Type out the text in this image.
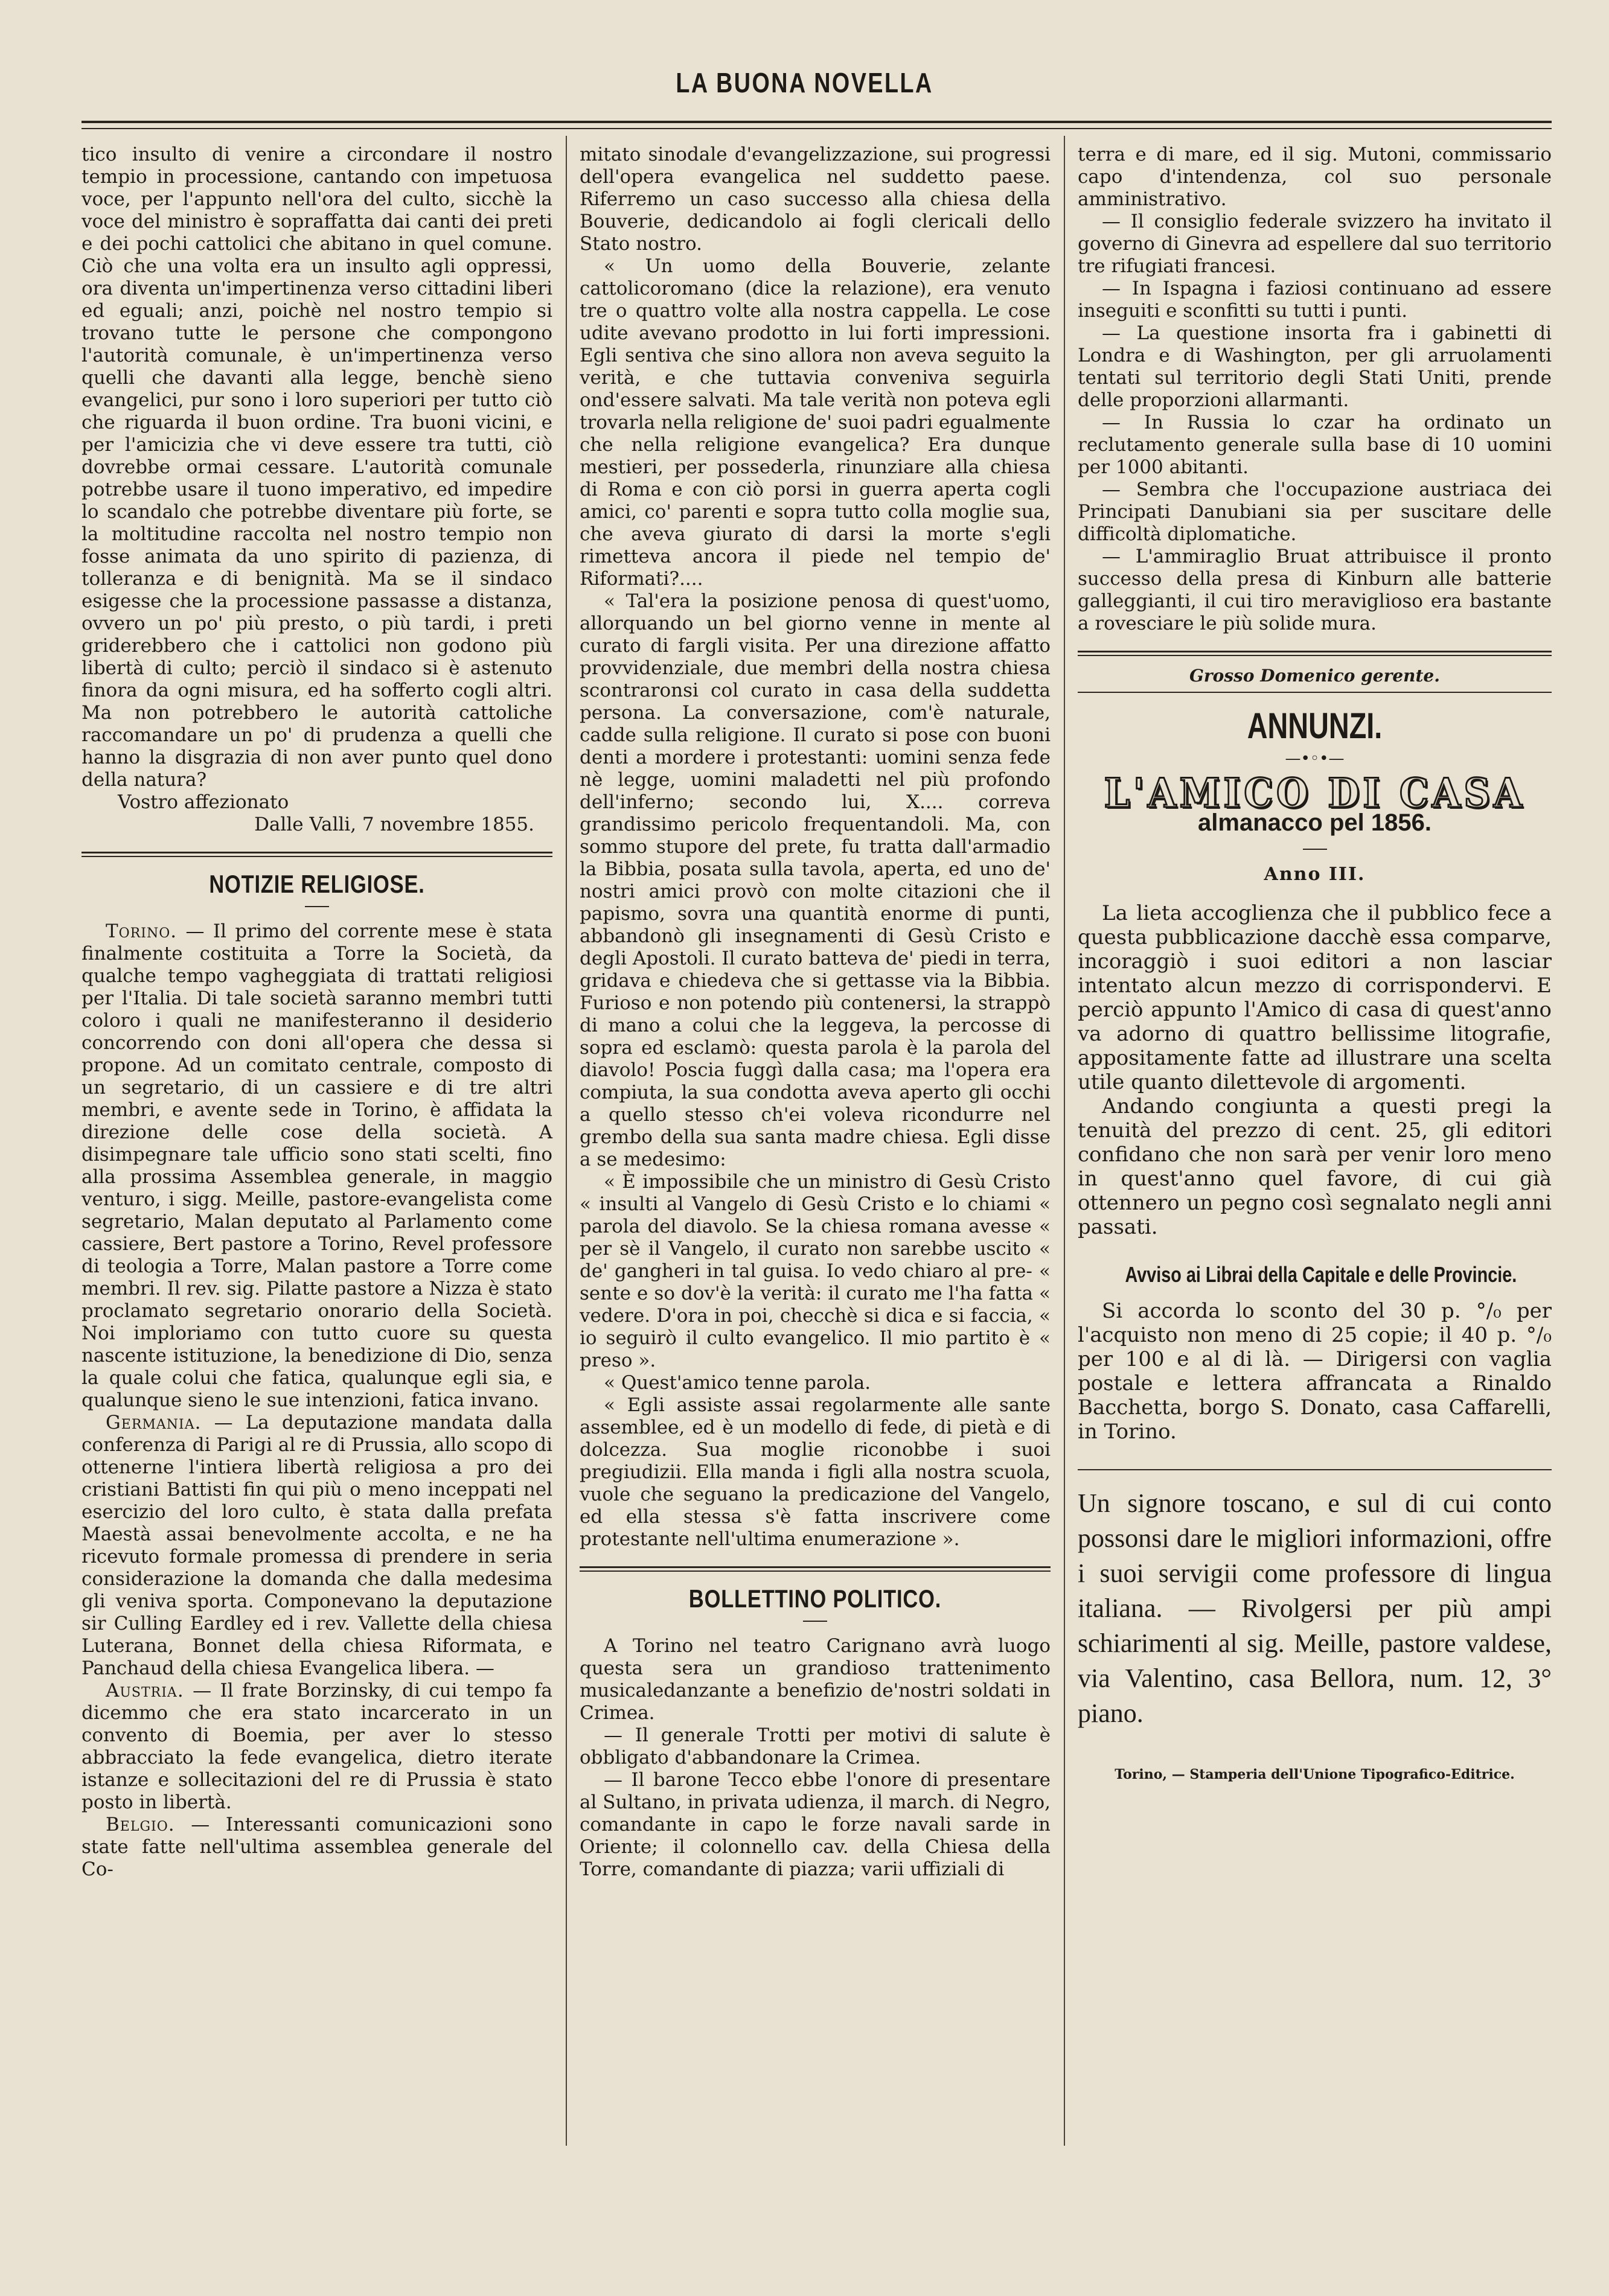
LA BUONA NOVELLA

tico insulto di venire a circondare il nostro tempio in processione, cantando con impetuosa voce, per l'appunto nell'ora del culto, sicchè la voce del ministro è sopraffatta dai canti dei preti e dei pochi cattolici che abitano in quel comune. Ciò che una volta era un insulto agli oppressi, ora diventa un'impertinenza verso cittadini liberi ed eguali; anzi, poichè nel nostro tempio si trovano tutte le persone che compongono l'autorità comunale, è un'impertinenza verso quelli che davanti alla legge, benchè sieno evangelici, pur sono i loro superiori per tutto ciò che riguarda il buon ordine. Tra buoni vicini, e per l'amicizia che vi deve essere tra tutti, ciò dovrebbe ormai cessare. L'autorità comunale potrebbe usare il tuono imperativo, ed impedire lo scandalo che potrebbe diventare più forte, se la moltitudine raccolta nel nostro tempio non fosse animata da uno spirito di pazienza, di tolleranza e di benignità. Ma se il sindaco esigesse che la processione passasse a distanza, ovvero un po' più presto, o più tardi, i preti griderebbero che i cattolici non godono più libertà di culto; perciò il sindaco si è astenuto finora da ogni misura, ed ha sofferto cogli altri. Ma non potrebbero le autorità cattoliche raccomandare un po' di prudenza a quelli che hanno la disgrazia di non aver punto quel dono della natura?

Vostro affezionato

Dalle Valli, 7 novembre 1855.

NOTIZIE RELIGIOSE.

Torino. — Il primo del corrente mese è stata finalmente costituita a Torre la Società, da qualche tempo vagheggiata di trattati religiosi per l'Italia. Di tale società saranno membri tutti coloro i quali ne manifesteranno il desiderio concorrendo con doni all'opera che dessa si propone. Ad un comitato centrale, composto di un segretario, di un cassiere e di tre altri membri, e avente sede in Torino, è affidata la direzione delle cose della società. A disimpegnare tale ufficio sono stati scelti, fino alla prossima Assemblea generale, in maggio venturo, i sigg. Meille, pastore-evangelista come segretario, Malan deputato al Parlamento come cassiere, Bert pastore a Torino, Revel professore di teologia a Torre, Malan pastore a Torre come membri. Il rev. sig. Pilatte pastore a Nizza è stato proclamato segretario onorario della Società. Noi imploriamo con tutto cuore su questa nascente istituzione, la benedizione di Dio, senza la quale colui che fatica, qualunque egli sia, e qualunque sieno le sue intenzioni, fatica invano.

Germania. — La deputazione mandata dalla conferenza di Parigi al re di Prussia, allo scopo di ottenerne l'intiera libertà religiosa a pro dei cristiani Battisti fin qui più o meno inceppati nel esercizio del loro culto, è stata dalla prefata Maestà assai benevolmente accolta, e ne ha ricevuto formale promessa di prendere in seria considerazione la domanda che dalla medesima gli veniva sporta. Componevano la deputazione sir Culling Eardley ed i rev. Vallette della chiesa Luterana, Bonnet della chiesa Riformata, e Panchaud della chiesa Evangelica libera. —

Austria. — Il frate Borzinsky, di cui tempo fa dicemmo che era stato incarcerato in un convento di Boemia, per aver lo stesso abbracciato la fede evangelica, dietro iterate istanze e sollecitazioni del re di Prussia è stato posto in libertà.

Belgio. — Interessanti comunicazioni sono state fatte nell'ultima assemblea generale del Co-

mitato sinodale d'evangelizzazione, sui progressi dell'opera evangelica nel suddetto paese. Riferremo un caso successo alla chiesa della Bouverie, dedicandolo ai fogli clericali dello Stato nostro.

« Un uomo della Bouverie, zelante cattolicoromano (dice la relazione), era venuto tre o quattro volte alla nostra cappella. Le cose udite avevano prodotto in lui forti impressioni. Egli sentiva che sino allora non aveva seguito la verità, e che tuttavia conveniva seguirla ond'essere salvati. Ma tale verità non poteva egli trovarla nella religione de' suoi padri egualmente che nella religione evangelica? Era dunque mestieri, per possederla, rinunziare alla chiesa di Roma e con ciò porsi in guerra aperta cogli amici, co' parenti e sopra tutto colla moglie sua, che aveva giurato di darsi la morte s'egli rimetteva ancora il piede nel tempio de' Riformati?....

« Tal'era la posizione penosa di quest'uomo, allorquando un bel giorno venne in mente al curato di fargli visita. Per una direzione affatto provvidenziale, due membri della nostra chiesa scontraronsi col curato in casa della suddetta persona. La conversazione, com'è naturale, cadde sulla religione. Il curato si pose con buoni denti a mordere i protestanti: uomini senza fede nè legge, uomini maladetti nel più profondo dell'inferno; secondo lui, X.... correva grandissimo pericolo frequentandoli. Ma, con sommo stupore del prete, fu tratta dall'armadio la Bibbia, posata sulla tavola, aperta, ed uno de' nostri amici provò con molte citazioni che il papismo, sovra una quantità enorme di punti, abbandonò gli insegnamenti di Gesù Cristo e degli Apostoli. Il curato batteva de' piedi in terra, gridava e chiedeva che si gettasse via la Bibbia. Furioso e non potendo più contenersi, la strappò di mano a colui che la leggeva, la percosse di sopra ed esclamò: questa parola è la parola del diavolo! Poscia fuggì dalla casa; ma l'opera era compiuta, la sua condotta aveva aperto gli occhi a quello stesso ch'ei voleva ricondurre nel grembo della sua santa madre chiesa. Egli disse a se medesimo:

« È impossibile che un ministro di Gesù Cristo « insulti al Vangelo di Gesù Cristo e lo chiami « parola del diavolo. Se la chiesa romana avesse « per sè il Vangelo, il curato non sarebbe uscito « de' gangheri in tal guisa. Io vedo chiaro al pre- « sente e so dov'è la verità: il curato me l'ha fatta « vedere. D'ora in poi, checchè si dica e si faccia, « io seguirò il culto evangelico. Il mio partito è « preso ».

« Quest'amico tenne parola.

« Egli assiste assai regolarmente alle sante assemblee, ed è un modello di fede, di pietà e di dolcezza. Sua moglie riconobbe i suoi pregiudizii. Ella manda i figli alla nostra scuola, vuole che seguano la predicazione del Vangelo, ed ella stessa s'è fatta inscrivere come protestante nell'ultima enumerazione ».

BOLLETTINO POLITICO.

A Torino nel teatro Carignano avrà luogo questa sera un grandioso trattenimento musicaledanzante a benefizio de'nostri soldati in Crimea.

— Il generale Trotti per motivi di salute è obbligato d'abbandonare la Crimea.

— Il barone Tecco ebbe l'onore di presentare al Sultano, in privata udienza, il march. di Negro, comandante in capo le forze navali sarde in Oriente; il colonnello cav. della Chiesa della Torre, comandante di piazza; varii uffiziali di

terra e di mare, ed il sig. Mutoni, commissario capo d'intendenza, col suo personale amministrativo.

— Il consiglio federale svizzero ha invitato il governo di Ginevra ad espellere dal suo territorio tre rifugiati francesi.

— In Ispagna i faziosi continuano ad essere inseguiti e sconfitti su tutti i punti.

— La questione insorta fra i gabinetti di Londra e di Washington, per gli arruolamenti tentati sul territorio degli Stati Uniti, prende delle proporzioni allarmanti.

— In Russia lo czar ha ordinato un reclutamento generale sulla base di 10 uomini per 1000 abitanti.

— Sembra che l'occupazione austriaca dei Principati Danubiani sia per suscitare delle difficoltà diplomatiche.

— L'ammiraglio Bruat attribuisce il pronto successo della presa di Kinburn alle batterie galleggianti, il cui tiro meraviglioso era bastante a rovesciare le più solide mura.

Grosso Domenico gerente.
ANNUNZI.
—•◦•—
L'AMICO DI CASA
almanacco pel 1856.
Anno III.

La lieta accoglienza che il pubblico fece a questa pubblicazione dacchè essa comparve, incoraggiò i suoi editori a non lasciar intentato alcun mezzo di corrispondervi. E perciò appunto l'Amico di casa di quest'anno va adorno di quattro bellissime litografie, appositamente fatte ad illustrare una scelta utile quanto dilettevole di argomenti.

Andando congiunta a questi pregi la tenuità del prezzo di cent. 25, gli editori confidano che non sarà per venir loro meno in quest'anno quel favore, di cui già ottennero un pegno così segnalato negli anni passati.

Avviso ai Librai della Capitale e delle Provincie.

Si accorda lo sconto del 30 p. °/₀ per l'acquisto non meno di 25 copie; il 40 p. °/₀ per 100 e al di là. — Dirigersi con vaglia postale e lettera affrancata a Rinaldo Bacchetta, borgo S. Donato, casa Caffarelli, in Torino.

Un signore toscano, e sul di cui conto possonsi dare le migliori informazioni, offre i suoi servigii come professore di lingua italiana. — Rivolgersi per più ampi schiarimenti al sig. Meille, pastore valdese, via Valentino, casa Bellora, num. 12, 3° piano.

Torino, — Stamperia dell'Unione Tipografico-Editrice.
